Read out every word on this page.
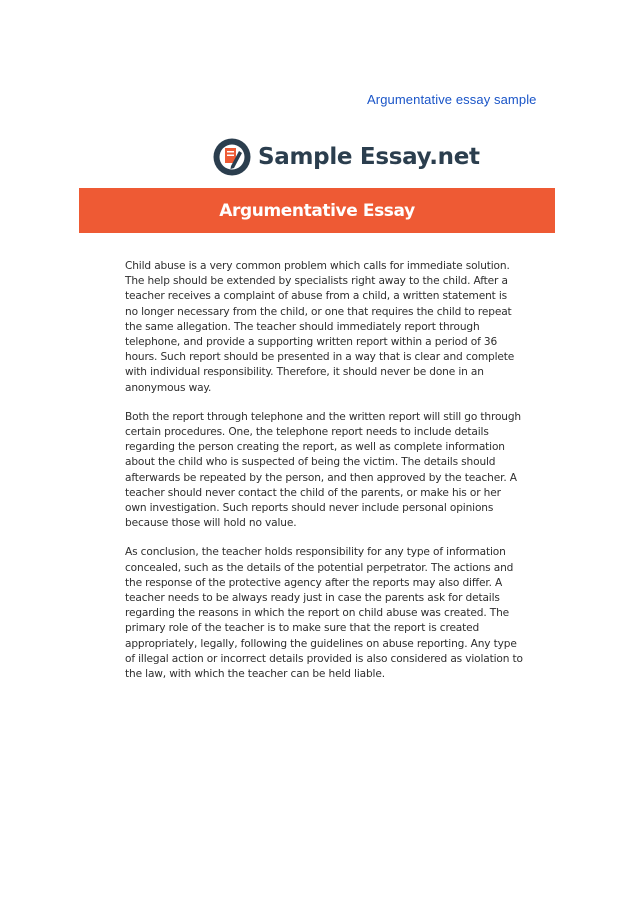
Argumentative essay sample
Sample Essay.net
Argumentative Essay

Child abuse is a very common problem which calls for immediate solution. The help should be extended by specialists right away to the child. After a teacher receives a complaint of abuse from a child, a written statement is no longer necessary from the child, or one that requires the child to repeat the same allegation. The teacher should immediately report through telephone, and provide a supporting written report within a period of 36 hours. Such report should be presented in a way that is clear and complete with individual responsibility. Therefore, it should never be done in an anonymous way.

Both the report through telephone and the written report will still go through certain procedures. One, the telephone report needs to include details regarding the person creating the report, as well as complete information about the child who is suspected of being the victim. The details should afterwards be repeated by the person, and then approved by the teacher. A teacher should never contact the child of the parents, or make his or her own investigation. Such reports should never include personal opinions because those will hold no value.

As conclusion, the teacher holds responsibility for any type of information concealed, such as the details of the potential perpetrator. The actions and the response of the protective agency after the reports may also differ. A teacher needs to be always ready just in case the parents ask for details regarding the reasons in which the report on child abuse was created. The primary role of the teacher is to make sure that the report is created appropriately, legally, following the guidelines on abuse reporting. Any type of illegal action or incorrect details provided is also considered as violation to the law, with which the teacher can be held liable.
